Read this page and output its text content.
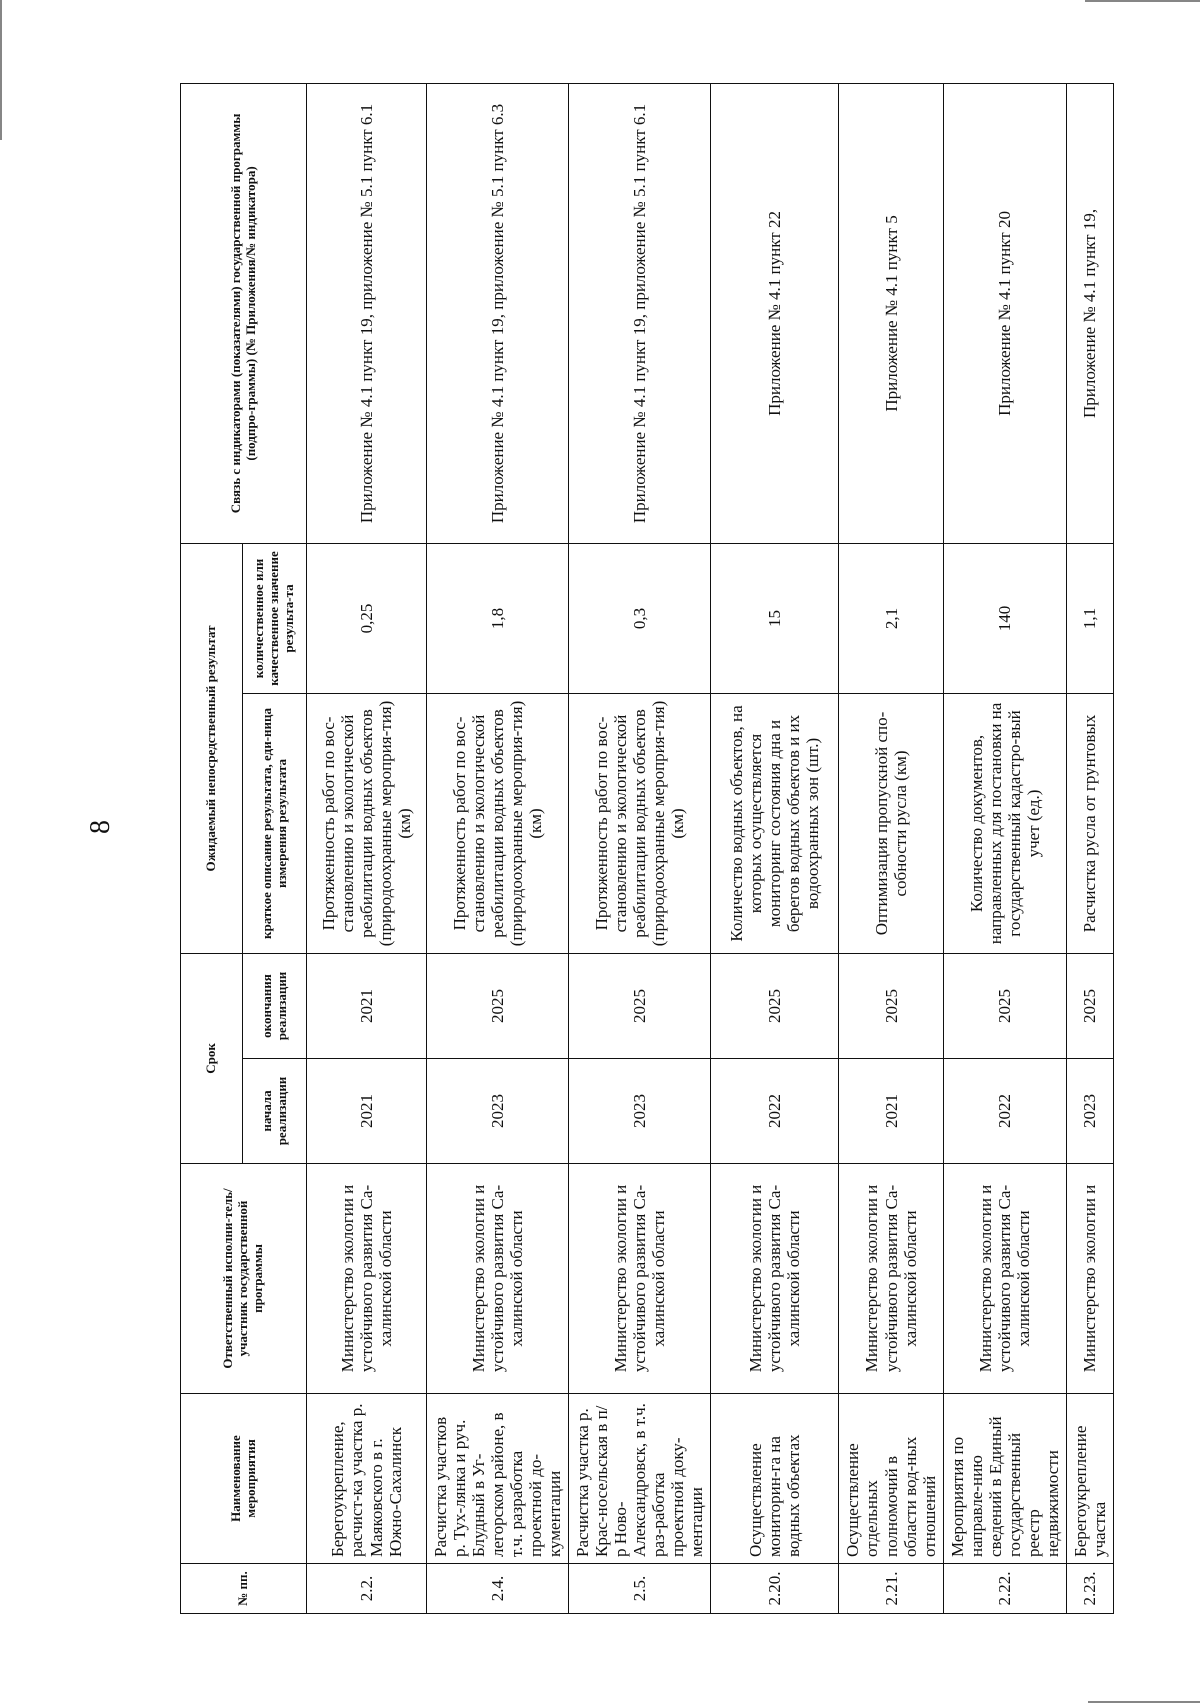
8
№ пп.	Наименование мероприятия	Ответственный исполни-тель/участник государственной программы	Срок		Ожидаемый непосредственный результат		Связь с индикаторами (показателями) государственной программы (подпро-граммы) (№ Приложения/№ индикатора)
			начала реализации	окончания реализации	краткое описание результата, еди-ница измерения результата	количественное или качественное значение результа-та	
2.2.	Берегоукрепление, расчист-ка участка р. Маяковского в г. Южно-Сахалинск	Министерство экологии и устойчивого развития Са-халинской области	2021	2021	Протяженность работ по вос-становлению и экологической реабилитации водных объектов (природоохранные мероприя-тия) (км)	0,25	Приложение № 4.1 пункт 19, приложение № 5.1 пункт 6.1
2.4.	Расчистка участков р. Тух-лянка и руч. Блудный в Уг-легорском районе, в т.ч. разработка проектной до-кументации	Министерство экологии и устойчивого развития Са-халинской области	2023	2025	Протяженность работ по вос-становлению и экологической реабилитации водных объектов (природоохранные мероприя-тия) (км)	1,8	Приложение № 4.1 пункт 19, приложение № 5.1 пункт 6.3
2.5.	Расчистка участка р. Крас-носельская в п/р Ново-Александровск, в т.ч. раз-работка проектной доку-ментации	Министерство экологии и устойчивого развития Са-халинской области	2023	2025	Протяженность работ по вос-становлению и экологической реабилитации водных объектов (природоохранные мероприя-тия) (км)	0,3	Приложение № 4.1 пункт 19, приложение № 5.1 пункт 6.1
2.20.	Осуществление мониторин-га на водных объектах	Министерство экологии и устойчивого развития Са-халинской области	2022	2025	Количество водных объектов, на которых осуществляется мониторинг состояния дна и берегов водных объектов и их водоохранных зон (шт.)	15	Приложение № 4.1 пункт 22
2.21.	Осуществление отдельных полномочий в области вод-ных отношений	Министерство экологии и устойчивого развития Са-халинской области	2021	2025	Оптимизация пропускной спо-собности русла (км)	2,1	Приложение № 4.1 пункт 5
2.22.	Мероприятия по направле-нию сведений в Единый государственный реестр недвижимости	Министерство экологии и устойчивого развития Са-халинской области	2022	2025	Количество документов, направленных для постановки на государственный кадастро-вый учет (ед.)	140	Приложение № 4.1 пункт 20
2.23.	Берегоукрепление участка	Министерство экологии и	2023	2025	Расчистка русла от грунтовых	1,1	Приложение № 4.1 пункт 19,
